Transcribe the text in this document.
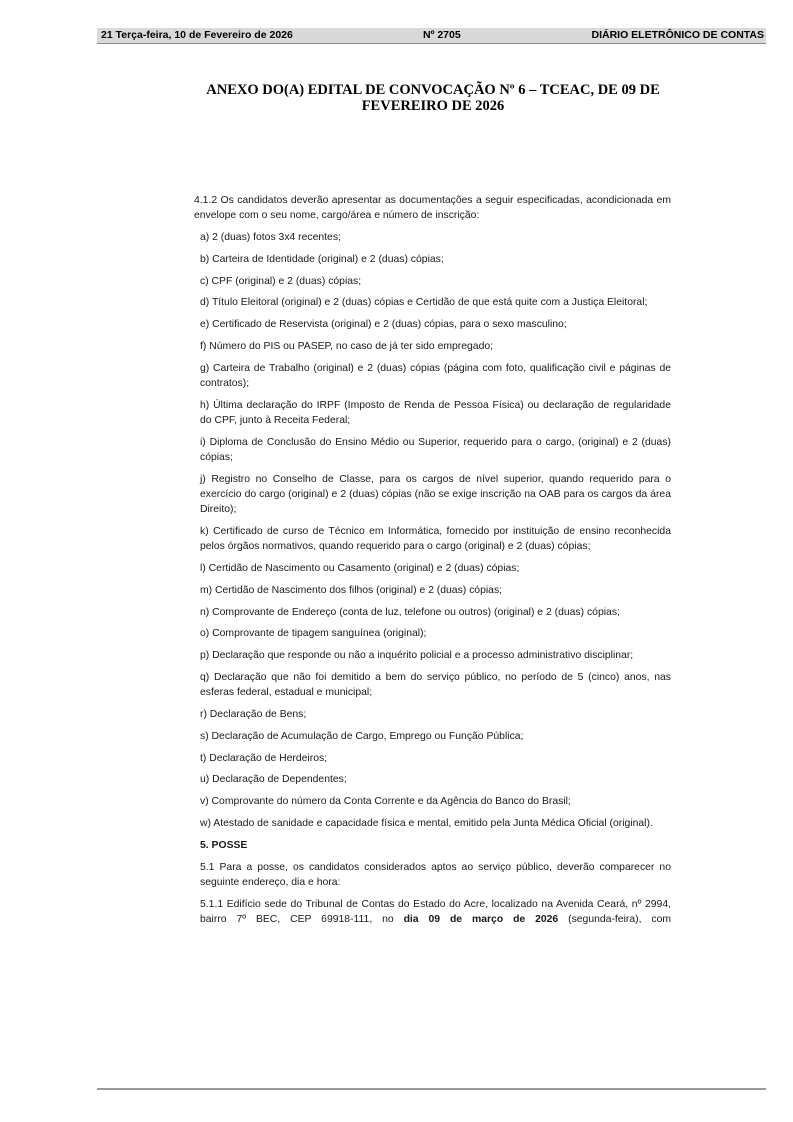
21 Terça-feira, 10 de Fevereiro de 2026	Nº 2705	DIÁRIO ELETRÔNICO DE CONTAS
ANEXO DO(A) EDITAL DE CONVOCAÇÃO Nº 6 – TCEAC, DE 09 DE
FEVEREIRO DE 2026

4.1.2 Os candidatos deverão apresentar as documentações a seguir especificadas, acondicionada em envelope com o seu nome, cargo/área e número de inscrição:

a) 2 (duas) fotos 3x4 recentes;

b) Carteira de Identidade (original) e 2 (duas) cópias;

c) CPF (original) e 2 (duas) cópias;

d) Título Eleitoral (original) e 2 (duas) cópias e Certidão de que está quite com a Justiça Eleitoral;

e) Certificado de Reservista (original) e 2 (duas) cópias, para o sexo masculino;

f) Número do PIS ou PASEP, no caso de já ter sido empregado;

g) Carteira de Trabalho (original) e 2 (duas) cópias (página com foto, qualificação civil e páginas de contratos);

h) Última declaração do IRPF (Imposto de Renda de Pessoa Física) ou declaração de regularidade do CPF, junto à Receita Federal;

i) Diploma de Conclusão do Ensino Médio ou Superior, requerido para o cargo, (original) e 2 (duas) cópias;

j) Registro no Conselho de Classe, para os cargos de nível superior, quando requerido para o exercício do cargo (original) e 2 (duas) cópias (não se exige inscrição na OAB para os cargos da área Direito);

k) Certificado de curso de Técnico em Informática, fornecido por instituição de ensino reconhecida pelos órgãos normativos, quando requerido para o cargo (original) e 2 (duas) cópias;

l) Certidão de Nascimento ou Casamento (original) e 2 (duas) cópias;

m) Certidão de Nascimento dos filhos (original) e 2 (duas) cópias;

n) Comprovante de Endereço (conta de luz, telefone ou outros) (original) e 2 (duas) cópias;

o) Comprovante de tipagem sanguínea (original);

p) Declaração que responde ou não a inquérito policial e a processo administrativo disciplinar;

q) Declaração que não foi demitido a bem do serviço público, no período de 5 (cinco) anos, nas esferas federal, estadual e municipal;

r) Declaração de Bens;

s) Declaração de Acumulação de Cargo, Emprego ou Função Pública;

t) Declaração de Herdeiros;

u) Declaração de Dependentes;

v) Comprovante do número da Conta Corrente e da Agência do Banco do Brasil;

w) Atestado de sanidade e capacidade física e mental, emitido pela Junta Médica Oficial (original).

5. POSSE

5.1 Para a posse, os candidatos considerados aptos ao serviço público, deverão comparecer no seguinte endereço, dia e hora:

5.1.1 Edifício sede do Tribunal de Contas do Estado do Acre, localizado na Avenida Ceará, nº 2994, bairro 7º BEC, CEP 69918-111, no dia 09 de março de 2026 (segunda-feira), com
